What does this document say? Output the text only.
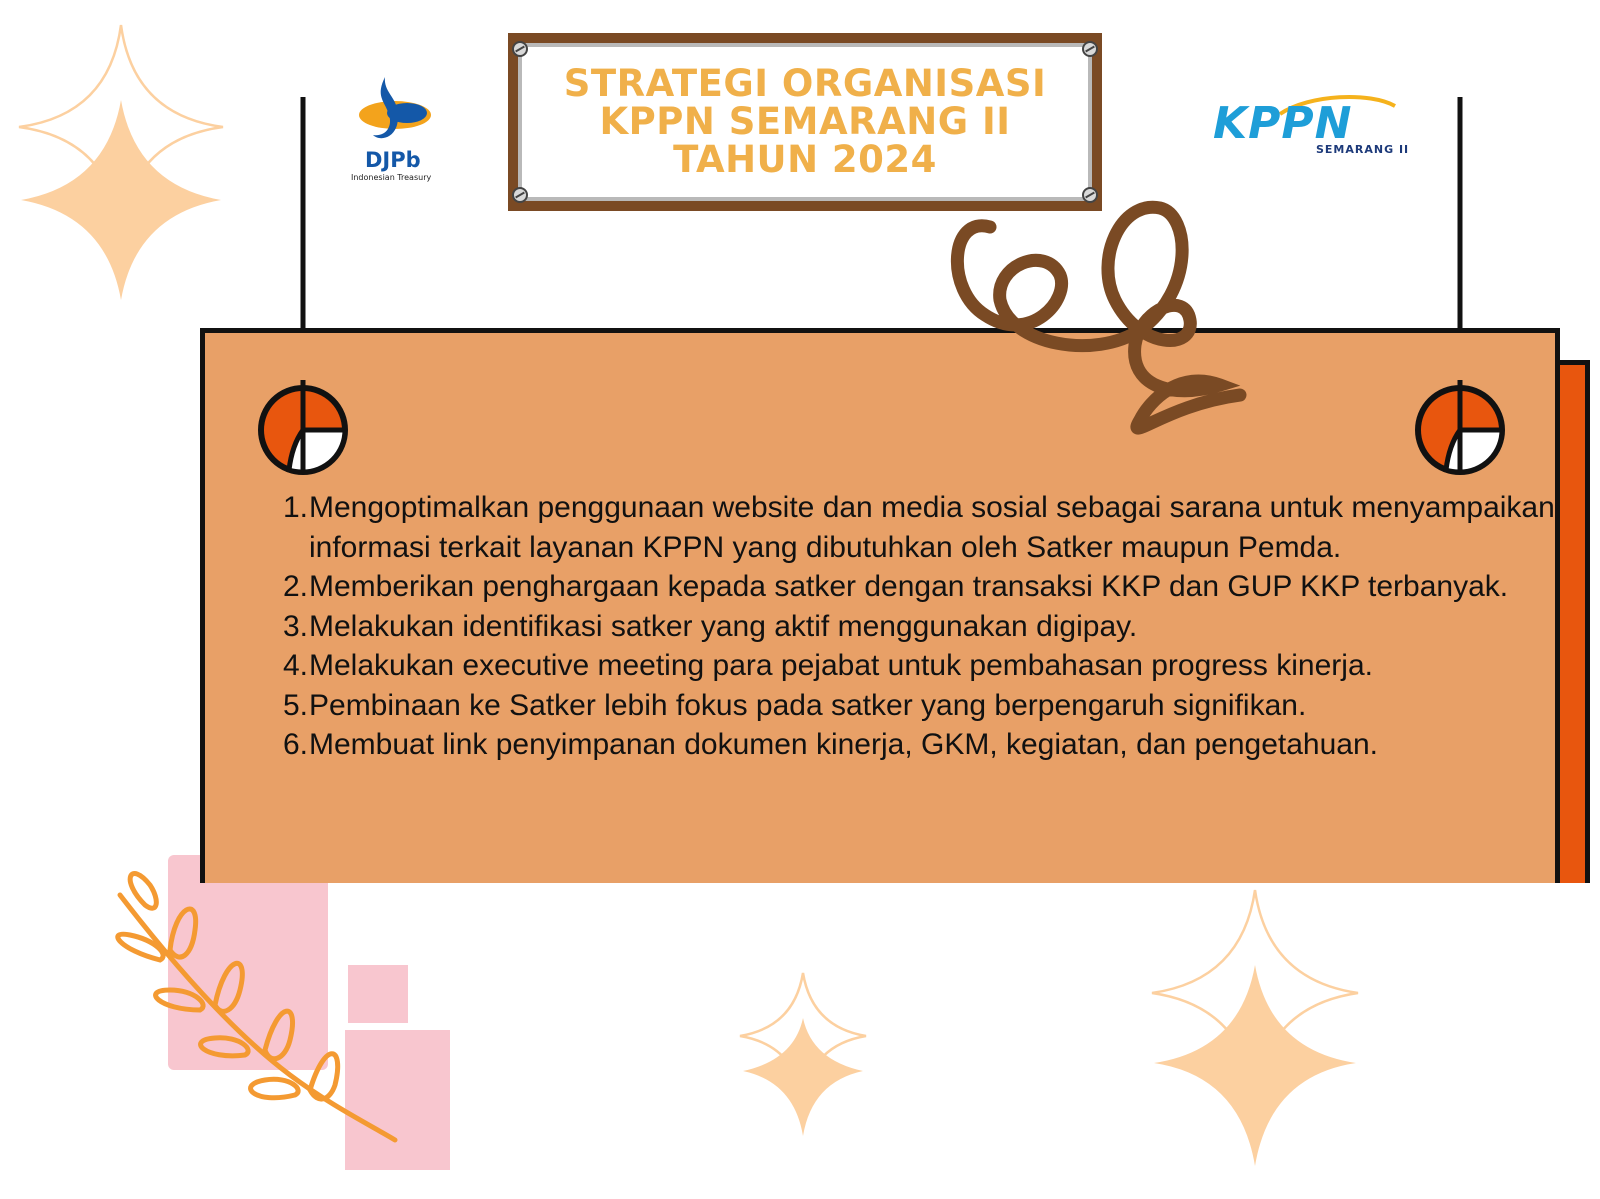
STRATEGI ORGANISASI
KPPN SEMARANG II
TAHUN 2024
DJPb
Indonesian Treasury
KPPN
SEMARANG II
1. Mengoptimalkan penggunaan website dan media sosial sebagai sarana untuk menyampaikan informasi terkait layanan KPPN yang dibutuhkan oleh Satker maupun Pemda.
2. Memberikan penghargaan kepada satker dengan transaksi KKP dan GUP KKP terbanyak.
3. Melakukan identifikasi satker yang aktif menggunakan digipay.
4. Melakukan executive meeting para pejabat untuk pembahasan progress kinerja.
5. Pembinaan ke Satker lebih fokus pada satker yang berpengaruh signifikan.
6. Membuat link penyimpanan dokumen kinerja, GKM, kegiatan, dan pengetahuan.
